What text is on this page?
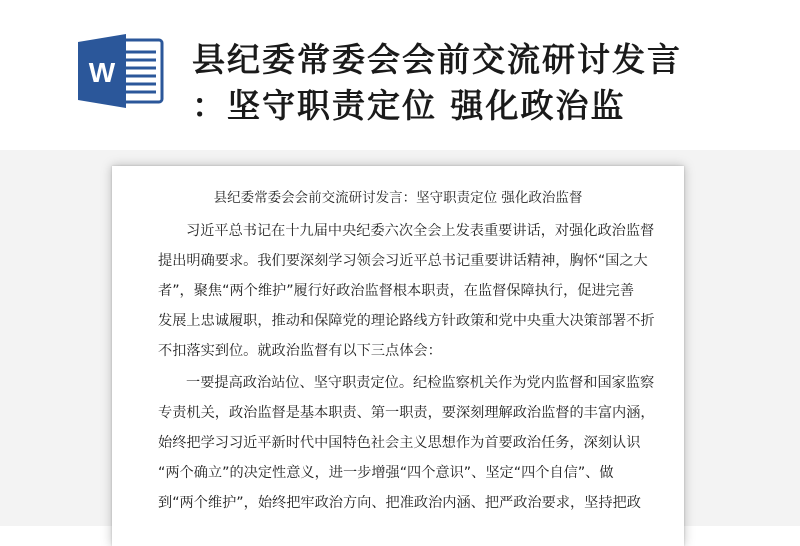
W 县纪委常委会会前交流研讨发言
：坚守职责定位 强化政治监
县纪委常委会会前交流研讨发言：坚守职责定位 强化政治监督
习近平总书记在十九届中央纪委六次全会上发表重要讲话，对强化政治监督
提出明确要求。我们要深刻学习领会习近平总书记重要讲话精神，胸怀“国之大
者”，聚焦“两个维护”履行好政治监督根本职责，在监督保障执行，促进完善
发展上忠诚履职，推动和保障党的理论路线方针政策和党中央重大决策部署不折
不扣落实到位。就政治监督有以下三点体会：
一要提高政治站位、坚守职责定位。纪检监察机关作为党内监督和国家监察
专责机关，政治监督是基本职责、第一职责，要深刻理解政治监督的丰富内涵，
始终把学习习近平新时代中国特色社会主义思想作为首要政治任务，深刻认识
“两个确立”的决定性意义，进一步增强“四个意识”、坚定“四个自信”、做
到“两个维护”，始终把牢政治方向、把准政治内涵、把严政治要求，坚持把政
